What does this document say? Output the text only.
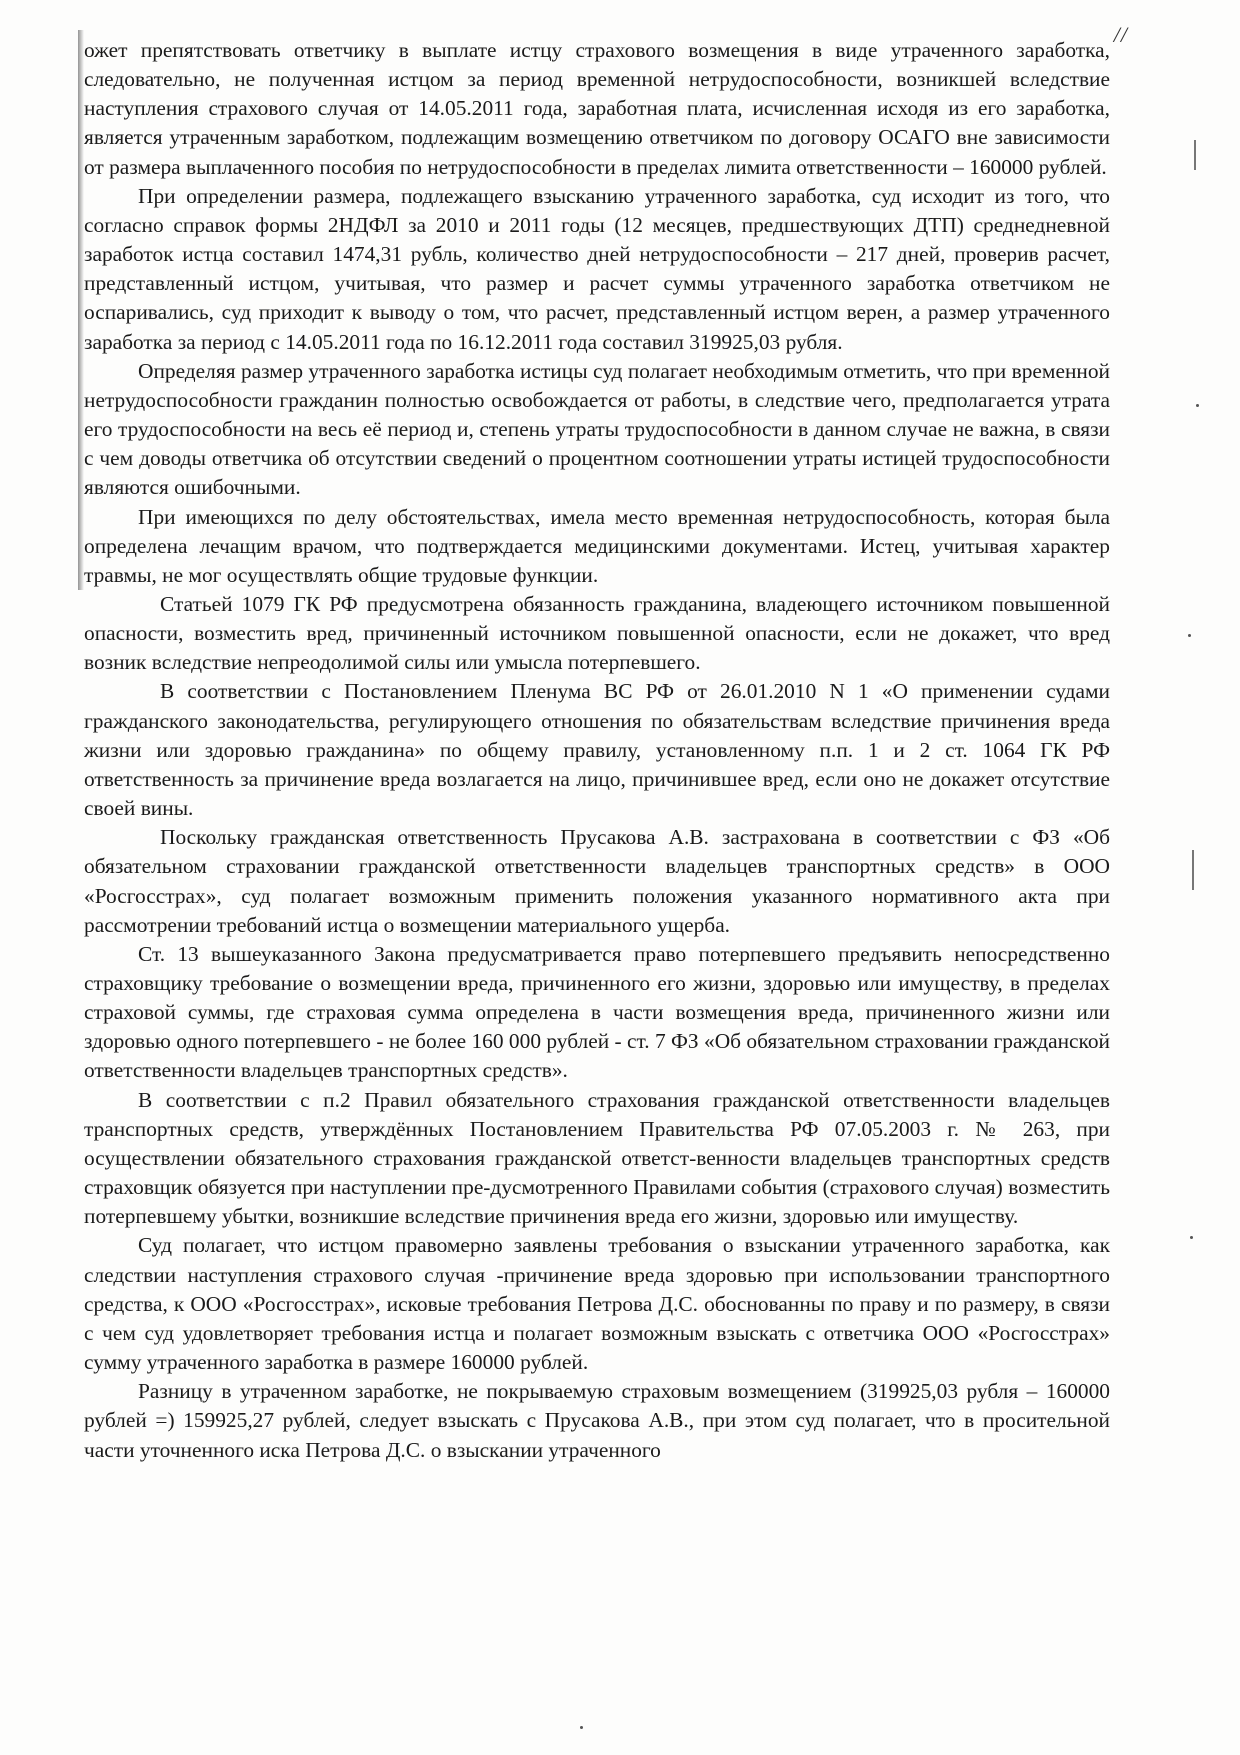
//

ожет препятствовать ответчику в выплате истцу страхового возмещения в виде утраченного заработка, следовательно, не полученная истцом за период временной нетрудоспособности, возникшей вследствие наступления страхового случая от 14.05.2011 года, заработная плата, исчисленная исходя из его заработка, является утраченным заработком, подлежащим возмещению ответчиком по договору ОСАГО вне зависимости от размера выплаченного пособия по нетрудоспособности в пределах лимита ответственности – 160000 рублей.

При определении размера, подлежащего взысканию утраченного заработка, суд исходит из того, что согласно справок формы 2НДФЛ за 2010 и 2011 годы (12 месяцев, предшествующих ДТП) среднедневной заработок истца составил 1474,31 рубль, количество дней нетрудоспособности – 217 дней, проверив расчет, представленный истцом, учитывая, что размер и расчет суммы утраченного заработка ответчиком не оспаривались, суд приходит к выводу о том, что расчет, представленный истцом верен, а размер утраченного заработка за период с 14.05.2011 года по 16.12.2011 года составил 319925,03 рубля.

Определяя размер утраченного заработка истицы суд полагает необходимым отметить, что при временной нетрудоспособности гражданин полностью освобождается от работы, в следствие чего, предполагается утрата его трудоспособности на весь её период и, степень утраты трудоспособности в данном случае не важна, в связи с чем доводы ответчика об отсутствии сведений о процентном соотношении утраты истицей трудоспособности являются ошибочными.

При имеющихся по делу обстоятельствах, имела место временная нетрудоспособность, которая была определена лечащим врачом, что подтверждается медицинскими документами. Истец, учитывая характер травмы, не мог осуществлять общие трудовые функции.

Статьей 1079 ГК РФ предусмотрена обязанность гражданина, владеющего источником повышенной опасности, возместить вред, причиненный источником повышенной опасности, если не докажет, что вред возник вследствие непреодолимой силы или умысла потерпевшего.

В соответствии с Постановлением Пленума ВС РФ от 26.01.2010 N 1 «О применении судами гражданского законодательства, регулирующего отношения по обязательствам вследствие причинения вреда жизни или здоровью гражданина» по общему правилу, установленному п.п. 1 и 2 ст. 1064 ГК РФ ответственность за причинение вреда возлагается на лицо, причинившее вред, если оно не докажет отсутствие своей вины.

Поскольку гражданская ответственность Прусакова А.В. застрахована в соответствии с ФЗ «Об обязательном страховании гражданской ответственности владельцев транспортных средств» в ООО «Росгосстрах», суд полагает возможным применить положения указанного нормативного акта при рассмотрении требований истца о возмещении материального ущерба.

Ст. 13 вышеуказанного Закона предусматривается право потерпевшего предъявить непосредственно страховщику требование о возмещении вреда, причиненного его жизни, здоровью или имуществу, в пределах страховой суммы, где страховая сумма определена в части возмещения вреда, причиненного жизни или здоровью одного потерпевшего - не более 160 000 рублей - ст. 7 ФЗ «Об обязательном страховании гражданской ответственности владельцев транспортных средств».

В соответствии с п.2 Правил обязательного страхования гражданской ответственности владельцев транспортных средств, утверждённых Постановлением Правительства РФ 07.05.2003 г. № 263, при осуществлении обязательного страхования гражданской ответст-венности владельцев транспортных средств страховщик обязуется при наступлении пре-дусмотренного Правилами события (страхового случая) возместить потерпевшему убытки, возникшие вследствие причинения вреда его жизни, здоровью или имуществу.

Суд полагает, что истцом правомерно заявлены требования о взыскании утраченного заработка, как следствии наступления страхового случая -причинение вреда здоровью при использовании транспортного средства, к ООО «Росгосстрах», исковые требования Петрова Д.С. обоснованны по праву и по размеру, в связи с чем суд удовлетворяет требования истца и полагает возможным взыскать с ответчика ООО «Росгосстрах» сумму утраченного заработка в размере 160000 рублей.

Разницу в утраченном заработке, не покрываемую страховым возмещением (319925,03 рубля – 160000 рублей =) 159925,27 рублей, следует взыскать с Прусакова А.В., при этом суд полагает, что в просительной части уточненного иска Петрова Д.С. о взыскании утраченного
